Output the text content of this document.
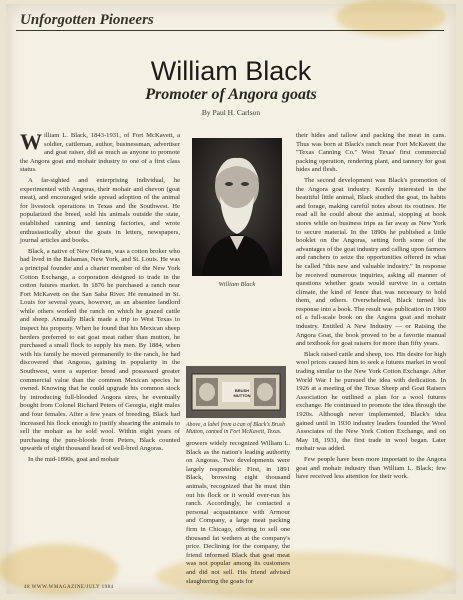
Unforgotten Pioneers
William Black
Promoter of Angora goats
By Paul H. Carlson

William L. Black, 1843-1931, of Fort McKavett, a soldier, cattleman, author, businessman, advertiser and goat raiser, did as much as anyone to promote the Angora goat and mohair industry to one of a first class status.

A far-sighted and enterprising individual, he experimented with Angoras, their mohair and chevon (goat meat), and encouraged wide spread adoption of the animal for livestock operations in Texas and the Southwest. He popularized the breed, sold his animals outside the state, established canning and tanning factories, and wrote enthusiastically about the goats in letters, newspapers, journal articles and books.

Black, a native of New Orleans, was a cotton broker who had lived in the Bahamas, New York, and St. Louis. He was a principal founder and a charter member of the New York Cotton Exchange, a corporation designed to trade in the cotton futures market. In 1876 he purchased a ranch near Fort McKavett on the San Saba River. He remained in St. Louis for several years, however, as an absentee landlord while others worked the ranch on which he grazed cattle and sheep. Annually Black made a trip to West Texas to inspect his property. When he found that his Mexican sheep herders preferred to eat goat meat rather than mutton, he purchased a small flock to supply his men. By 1884, when with his family he moved permanently to the ranch, he had discovered that Angoras, gaining in popularity in the Southwest, were a superior breed and possessed greater commercial value than the common Mexican species he owned. Knowing that he could upgrade his common stock by introducing full-blooded Angora sires, he eventually bought from Colonel Richard Peters of Georgia, eight males and four females. After a few years of breeding, Black had increased his flock enough to justify shearing the animals to sell the mohair as he sold wool. Within eight years of purchasing the pure-bloods from Peters, Black counted upwards of eight thousand head of well-bred Angoras.

In the mid-1890s, goat and mohair

William Black
BRUSH MUTTON
Above, a label from a can of Black's Brush Mutton, canned in Fort McKavett, Texas.

growers widely recognized William L. Black as the nation's leading authority on Angoras. Two developments were largely responsible: First, in 1891 Black, browsing eight thousand animals, recognized that he must thin out his flock or it would over-run his ranch. Accordingly, he contacted a personal acquaintance with Armour and Company, a large meat packing firm in Chicago, offering to sell one thousand fat wethers at the company's price. Declining for the company, the friend informed Black that goat meat was not popular among its customers and did not sell. His friend advised slaughtering the goats for

their hides and tallow and packing the meat in cans. Thus was born at Black's ranch near Fort McKavett the "Texas Canning Co." West Texas' first commercial packing operation, rendering plant, and tannery for goat hides and flesh.

The second development was Black's promotion of the Angora goat industry. Keenly interested in the beautiful little animal, Black studied the goat, its habits and forage, making careful notes about its routines. He read all he could about the animal, stopping at book stores while on business trips as far away as New York to secure material. In the 1890s he published a little booklet on the Angoras, setting forth some of the advantages of the goat industry and calling upon farmers and ranchers to seize the opportunities offered in what he called "this new and valuable industry." In response he received numerous inquiries, asking all manner of questions whether goats would survive in a certain climate, the kind of fence that was necessary to hold them, and others. Overwhelmed, Black turned his response into a book. The result was publication in 1900 of a full-scale book on the Angora goat and mohair industry. Entitled A New Industry — or Raising the Angora Goat, the book proved to be a favorite manual and textbook for goat raisers for more than fifty years.

Black raised cattle and sheep, too. His desire for high wool prices caused him to seek a futures market in wool trading similar to the New York Cotton Exchange. After World War I he pursued the idea with dedication. In 1926 at a meeting of the Texas Sheep and Goat Raisers Association he outlined a plan for a wool futures exchange. He continued to promote the idea through the 1920s. Although never implemented, Black's idea gained until in 1930 industry leaders founded the Wool Associates of the New York Cotton Exchange, and on May 18, 1931, the first trade in wool began. Later mohair was added.

Few people have been more important to the Angora goat and mohair industry than William L. Black; few have received less attention for their work.

48 WWW.WMAGAZINE/JULY 1984
